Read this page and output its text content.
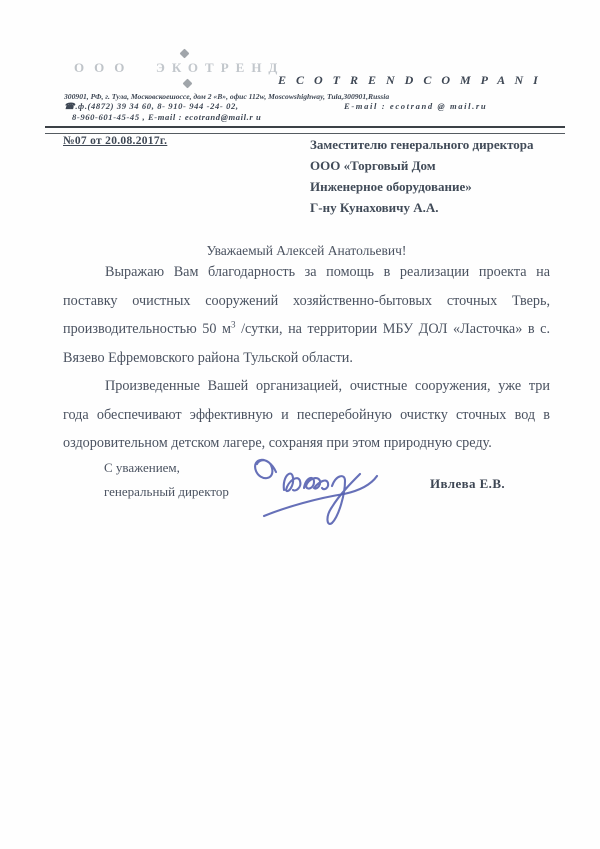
ООО ЭКОТРЕНД
E C O T R E N D C O M P A N I
300901, РФ, г. Тула, Московскоешоссе, дом 2 «В», офис 112w, Moscowshighway, Tula,300901,Russia
☎.ф.(4872) 39 34 60, 8- 910- 944 -24- 02,
8-960-601-45-45 , E-mail : ecotrand@mail.r u
E-mail : ecotrand @ mail.ru
№07 от 20.08.2017г.	Заместителю генерального директора
ООО «Торговый Дом
Инженерное оборудование»
Г-ну Кунаховичу А.А.
Уважаемый Алексей Анатольевич!

Выражаю Вам благодарность за помощь в реализации проекта на поставку очистных сооружений хозяйственно-бытовых сточных Тверь, производительностью 50 $м^3$ /сутки, на территории МБУ ДОЛ «Ласточка» в с. Вязево Ефремовского района Тульской области.

Произведенные Вашей организацией, очистные сооружения, уже три года обеспечивают эффективную и песперебойную очистку сточных вод в оздоровительном детском лагере, сохраняя при этом природную среду.

С уважением,
генеральный директор
Ивлева Е.В.
